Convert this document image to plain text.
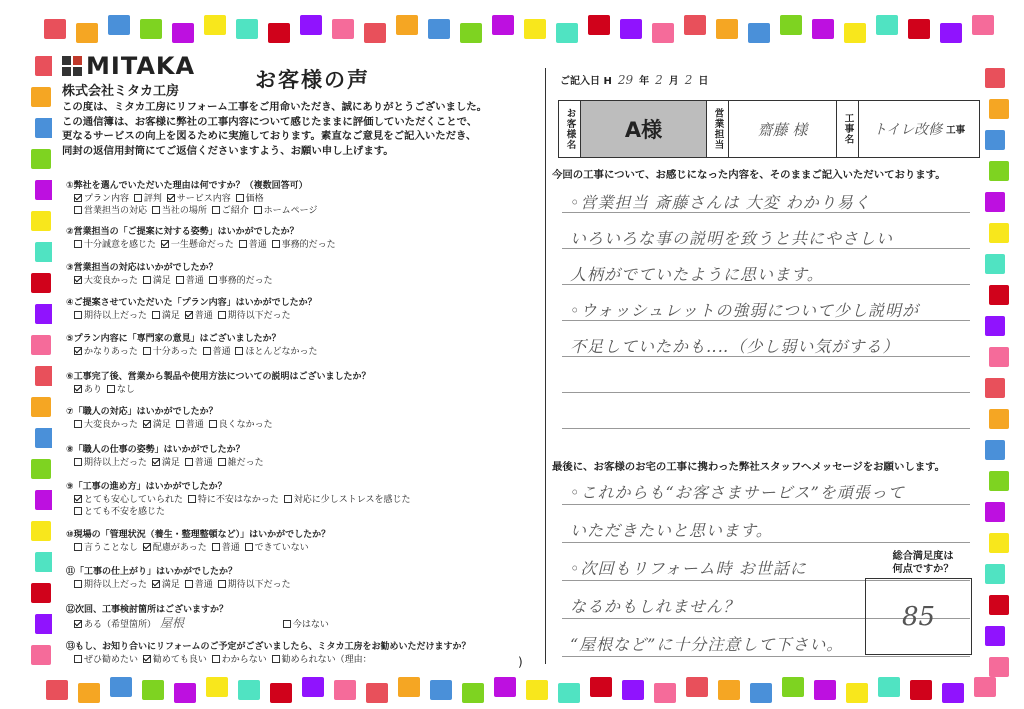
MITAKA
株式会社ミタカ工房	お客様の声
この度は、ミタカ工房にリフォーム工事をご用命いただき、誠にありがとうございました。
この通信簿は、お客様に弊社の工事内容について感じたままに評価していただくことで、
更なるサービスの向上を図るために実施しております。素直なご意見をご記入いただき、
同封の返信用封筒にてご返信くださいますよう、お願い申し上げます。
①弊社を選んでいただいた理由は何ですか？（複数回答可）
プラン内容 評判 サービス内容 価格
営業担当の対応 当社の場所 ご紹介 ホームページ
②営業担当の「ご提案に対する姿勢」はいかがでしたか？
十分誠意を感じた 一生懸命だった 普通 事務的だった
③営業担当の対応はいかがでしたか？
大変良かった 満足 普通 事務的だった
④ご提案させていただいた「プラン内容」はいかがでしたか？
期待以上だった 満足 普通 期待以下だった
⑤プラン内容に「専門家の意見」はございましたか？
かなりあった 十分あった 普通 ほとんどなかった
⑥工事完了後、営業から製品や使用方法についての説明はございましたか？
あり なし
⑦「職人の対応」はいかがでしたか？
大変良かった 満足 普通 良くなかった
⑧「職人の仕事の姿勢」はいかがでしたか？
期待以上だった 満足 普通 雑だった
⑨「工事の進め方」はいかがでしたか？
とても安心していられた 特に不安はなかった 対応に少しストレスを感じた
とても不安を感じた
⑩現場の「管理状況（養生・整理整頓など）」はいかがでしたか？
言うことなし 配慮があった 普通 できていない
⑪「工事の仕上がり」はいかがでしたか？
期待以上だった 満足 普通 期待以下だった
⑫次回、工事検討箇所はございますか？
ある（希望箇所） 屋根	今はない
⑬もし、お知り合いにリフォームのご予定がございましたら、ミタカ工房をお勧めいただけますか？
ぜひ勧めたい 勧めても良い わからない 勧められない（理由：
ご記入日 H 29 年 2 月 2 日
お客様名	A様	営業担当	齋藤 様	工事名	トイレ改修 工事
今回の工事について、お感じになった内容を、そのままご記入いただいております。
◦営業担当 斎藤さんは 大変 わかり易く
いろいろな事の説明を致うと共にやさしい
人柄がでていたように思います。
◦ウォッシュレットの強弱について少し説明が
不足していたかも‥‥（少し弱い気がする）
最後に、お客様のお宅の工事に携わった弊社スタッフへメッセージをお願いします。
◦これからも“お客さまサービス”を頑張って
いただきたいと思います。
◦次回もリフォーム時 お世話に
なるかもしれません？
“屋根など”に十分注意して下さい。
総合満足度は
何点ですか？
85
)
